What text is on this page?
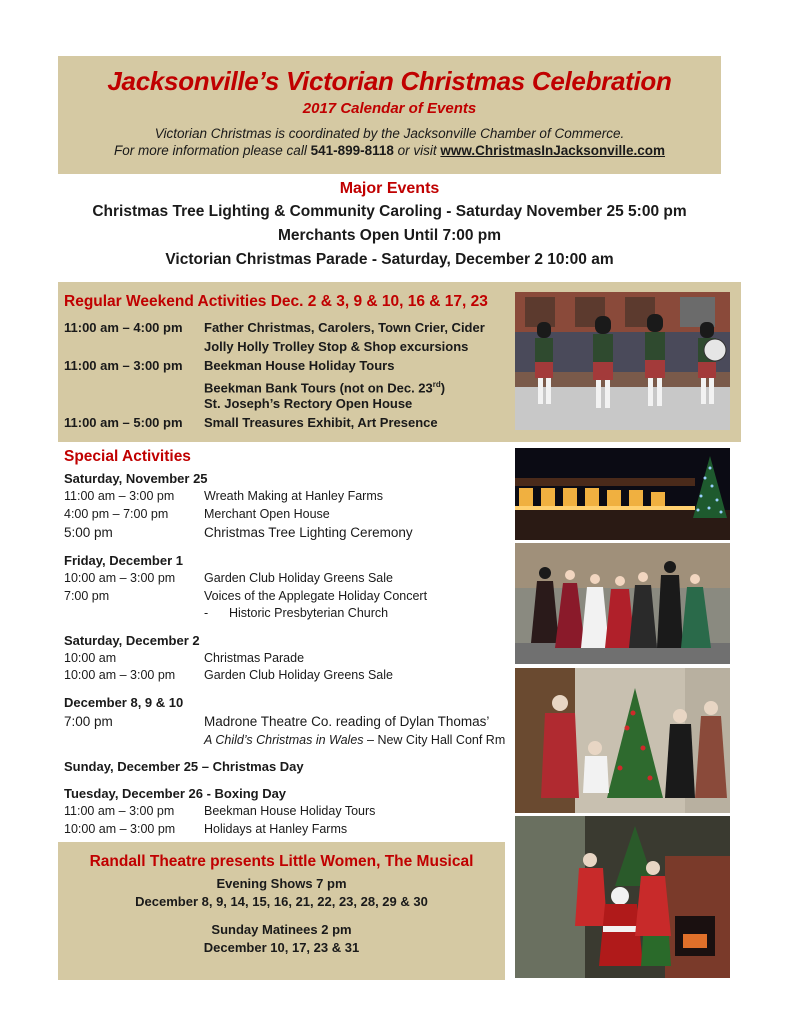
Jacksonville’s Victorian Christmas Celebration
2017 Calendar of Events
Victorian Christmas is coordinated by the Jacksonville Chamber of Commerce.
For more information please call 541-899-8118 or visit www.ChristmasInJacksonville.com
Major Events
Christmas Tree Lighting & Community Caroling - Saturday November 25 5:00 pm
Merchants Open Until 7:00 pm
Victorian Christmas Parade - Saturday, December 2 10:00 am
Regular Weekend Activities Dec. 2 & 3, 9 & 10, 16 & 17, 23
11:00 am – 4:00 pm	Father Christmas, Carolers, Town Crier, Cider
Jolly Holly Trolley Stop & Shop excursions
11:00 am – 3:00 pm	Beekman House Holiday Tours
Beekman Bank Tours (not on Dec. 23rd)
St. Joseph’s Rectory Open House
11:00 am – 5:00 pm	Small Treasures Exhibit, Art Presence
Special Activities
Saturday, November 25
11:00 am – 3:00 pm	Wreath Making at Hanley Farms
4:00 pm – 7:00 pm	Merchant Open House
5:00 pm	Christmas Tree Lighting Ceremony
Friday, December 1
10:00 am – 3:00 pm	Garden Club Holiday Greens Sale
7:00 pm	Voices of the Applegate Holiday Concert
-      Historic Presbyterian Church
Saturday, December 2
10:00 am	Christmas Parade
10:00 am – 3:00 pm	Garden Club Holiday Greens Sale
December 8, 9 & 10
7:00 pm	Madrone Theatre Co. reading of Dylan Thomas’
A Child’s Christmas in Wales – New City Hall Conf Rm
Sunday, December 25 – Christmas Day
Tuesday, December 26 - Boxing Day
11:00 am – 3:00 pm	Beekman House Holiday Tours
10:00 am – 3:00 pm	Holidays at Hanley Farms
Randall Theatre presents Little Women, The Musical
Evening Shows 7 pm
December 8, 9, 14, 15, 16, 21, 22, 23, 28, 29 & 30
Sunday Matinees 2 pm
December 10, 17, 23 & 31
